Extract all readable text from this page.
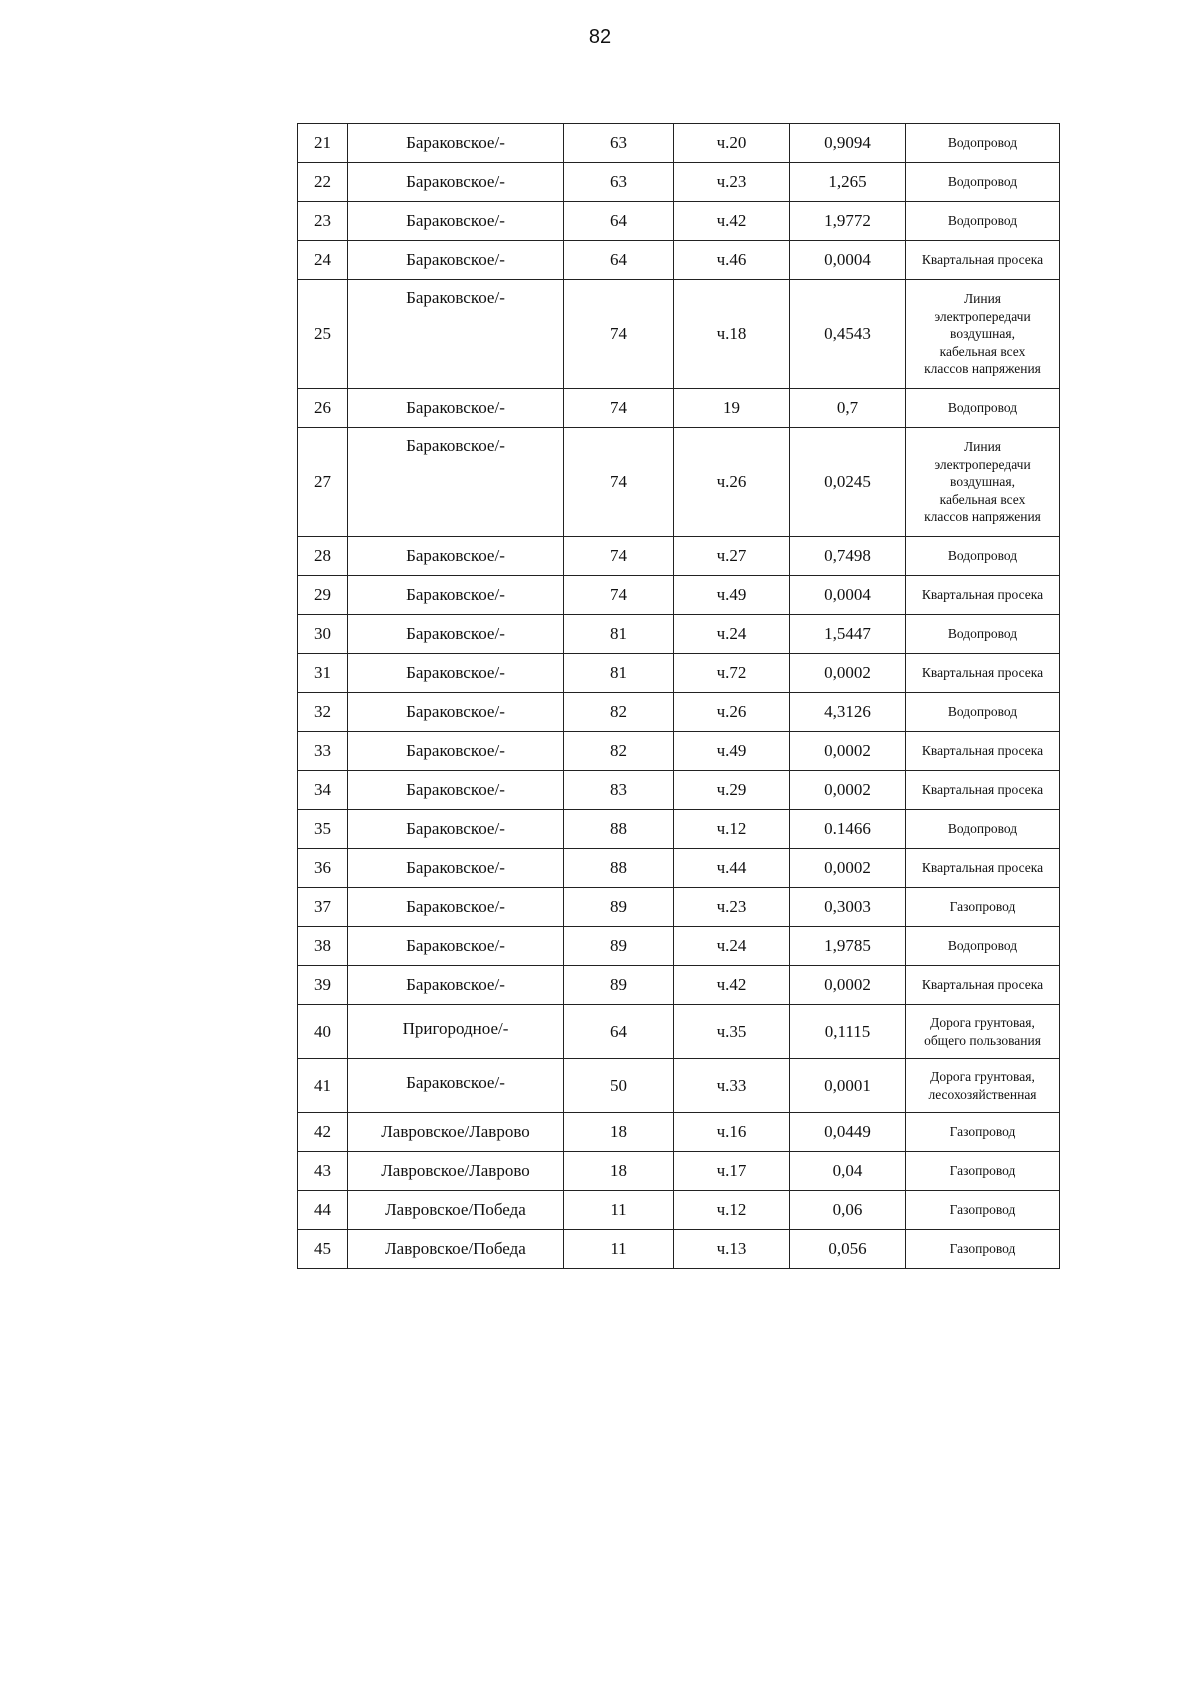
82
21	Бараковское/-	63	ч.20	0,9094	Водопровод

22	Бараковское/-	63	ч.23	1,265	Водопровод

23	Бараковское/-	64	ч.42	1,9772	Водопровод

24	Бараковское/-	64	ч.46	0,0004	Квартальная просека

25	Бараковское/-	74	ч.18	0,4543	Линия
электропередачи
воздушная,
кабельная всех
классов напряжения

26	Бараковское/-	74	19	0,7	Водопровод

27	Бараковское/-	74	ч.26	0,0245	Линия
электропередачи
воздушная,
кабельная всех
классов напряжения

28	Бараковское/-	74	ч.27	0,7498	Водопровод

29	Бараковское/-	74	ч.49	0,0004	Квартальная просека

30	Бараковское/-	81	ч.24	1,5447	Водопровод

31	Бараковское/-	81	ч.72	0,0002	Квартальная просека

32	Бараковское/-	82	ч.26	4,3126	Водопровод

33	Бараковское/-	82	ч.49	0,0002	Квартальная просека

34	Бараковское/-	83	ч.29	0,0002	Квартальная просека

35	Бараковское/-	88	ч.12	0.1466	Водопровод

36	Бараковское/-	88	ч.44	0,0002	Квартальная просека

37	Бараковское/-	89	ч.23	0,3003	Газопровод

38	Бараковское/-	89	ч.24	1,9785	Водопровод

39	Бараковское/-	89	ч.42	0,0002	Квартальная просека

40	Пригородное/-	64	ч.35	0,1115	Дорога грунтовая,
общего пользования

41	Бараковское/-	50	ч.33	0,0001	Дорога грунтовая,
лесохозяйственная

42	Лавровское/Лаврово	18	ч.16	0,0449	Газопровод

43	Лавровское/Лаврово	18	ч.17	0,04	Газопровод

44	Лавровское/Победа	11	ч.12	0,06	Газопровод

45	Лавровское/Победа	11	ч.13	0,056	Газопровод
